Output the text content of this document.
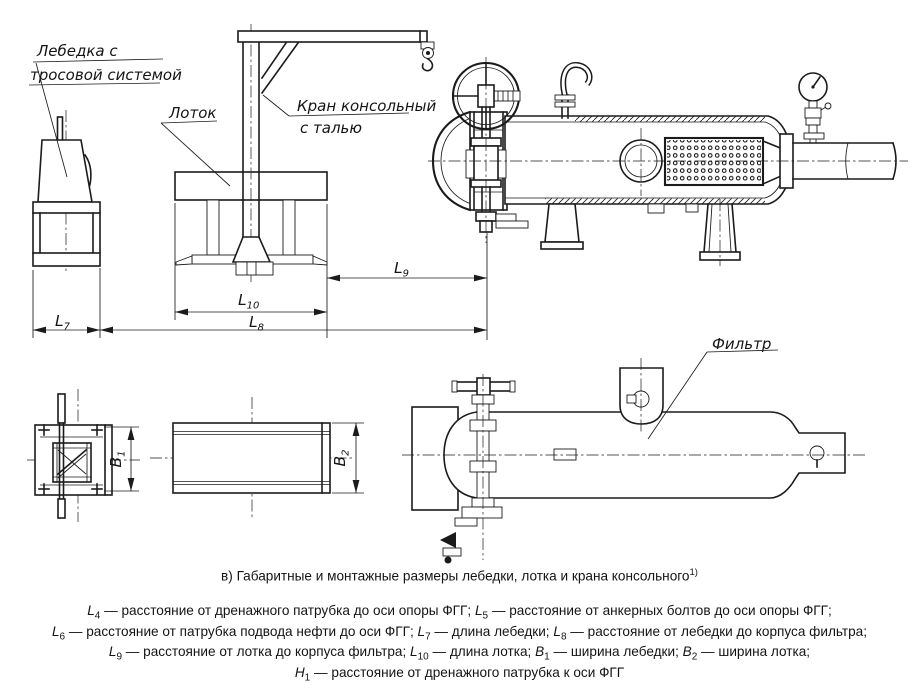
$L_7$	$L_8$
$L_9$
$L_{10}$
$B_1$
$B_2$
Лебедка с
тросовой системой
Лоток	Кран консольный
с талью
Фильтр
в) Габаритные и монтажные размеры лебедки, лотка и крана консольного$^{1)}$
$L_4$ — расстояние от дренажного патрубка до оси опоры ФГГ; $L_5$ — расстояние от анкерных болтов до оси опоры ФГГ;
$L_6$ — расстояние от патрубка подвода нефти до оси ФГГ; $L_7$ — длина лебедки; $L_8$ — расстояние от лебедки до корпуса фильтра;
$L_9$ — расстояние от лотка до корпуса фильтра; $L_{10}$ — длина лотка; $B_1$ — ширина лебедки; $B_2$ — ширина лотка;
$H_1$ — расстояние от дренажного патрубка к оси ФГГ
